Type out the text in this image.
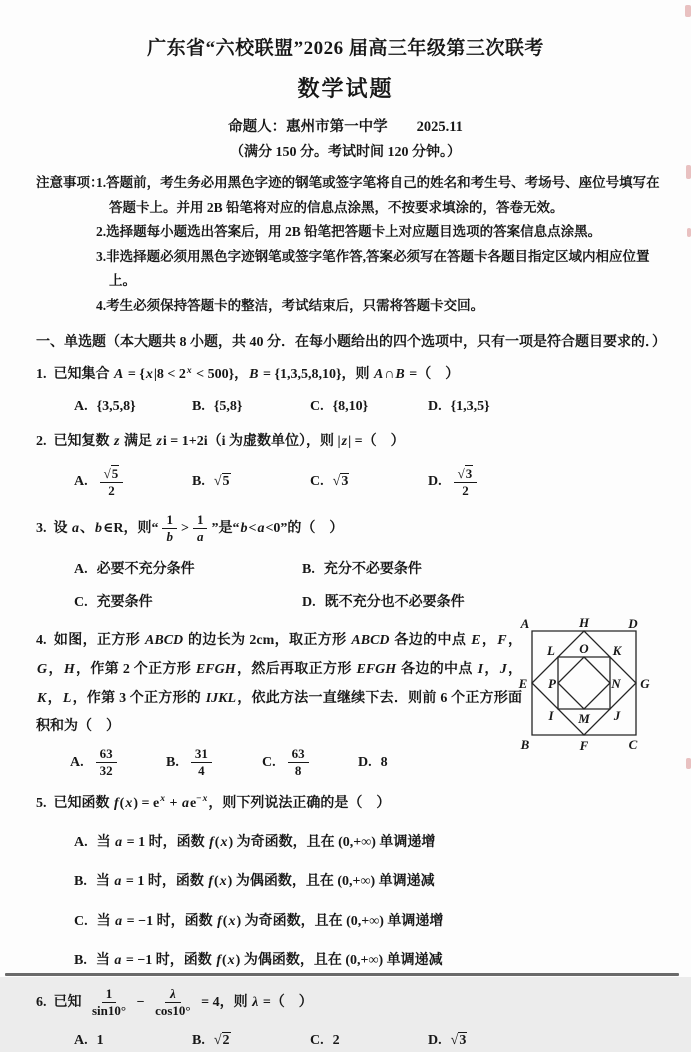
广东省“六校联盟”2026 届高三年级第三次联考
数学试题
命题人：惠州市第一中学　　2025.11
（满分 150 分。考试时间 120 分钟。）
注意事项：
1.答题前，考生务必用黑色字迹的钢笔或签字笔将自己的姓名和考生号、考场号、座位号填写在答题卡上。并用 2B 铅笔将对应的信息点涂黑，不按要求填涂的，答卷无效。
2.选择题每小题选出答案后，用 2B 铅笔把答题卡上对应题目选项的答案信息点涂黑。
3.非选择题必须用黑色字迹钢笔或签字笔作答,答案必须写在答题卡各题目指定区域内相应位置上。
4.考生必须保持答题卡的整洁，考试结束后，只需将答题卡交回。
一、单选题（本大题共 8 小题，共 40 分．在每小题给出的四个选项中，只有一项是符合题目要求的．）
1. 已知集合 $A = \{x|8 < 2^x < 500\}$，B = {1,3,5,8,10}，则 A∩B =（　）
A. {3,5,8}	B. {5,8}	C. {8,10}	D. {1,3,5}
2. 已知复数 z 满足 zi = 1+2i（i 为虚数单位），则 |z| =（　）
A. $\frac{√5}{2}$	B. √5	C. √3	D. $\frac{√3}{2}$
3. 设 a、b∈R，则“ $\frac{1}{b} > \frac{1}{a}$ ”是“b<a<0”的（　）
A. 必要不充分条件	B. 充分不必要条件
C. 充要条件	D. 既不充分也不必要条件
4. 如图，正方形 ABCD 的边长为 2cm，取正方形 ABCD 各边的中点 E，F，G，H，作第 2 个正方形 EFGH，然后再取正方形 EFGH 各边的中点 I，J，K，L，作第 3 个正方形的 IJKL，依此方法一直继续下去．则前 6 个正方形面积和为（　）
A	H	D
L O K
E P	N G
I M J
B	F	C
A. $\frac{63}{32}$	B. $\frac{31}{4}$	C. $\frac{63}{8}$	D. 8
5. 已知函数 $f(x) = e^x + ae^{-x}$，则下列说法正确的是（　）
A. 当 a = 1 时，函数 f(x) 为奇函数，且在 (0,+∞) 单调递增
B. 当 a = 1 时，函数 f(x) 为偶函数，且在 (0,+∞) 单调递减
C. 当 a = −1 时，函数 f(x) 为奇函数，且在 (0,+∞) 单调递增
B. 当 a = −1 时，函数 f(x) 为偶函数，且在 (0,+∞) 单调递减
6. 已知 $\frac{1}{\sin 10^\circ} - \frac{\lambda}{\cos 10^\circ} = 4$，则 λ =（　）
A. 1	B. √2	C. 2	D. √3
